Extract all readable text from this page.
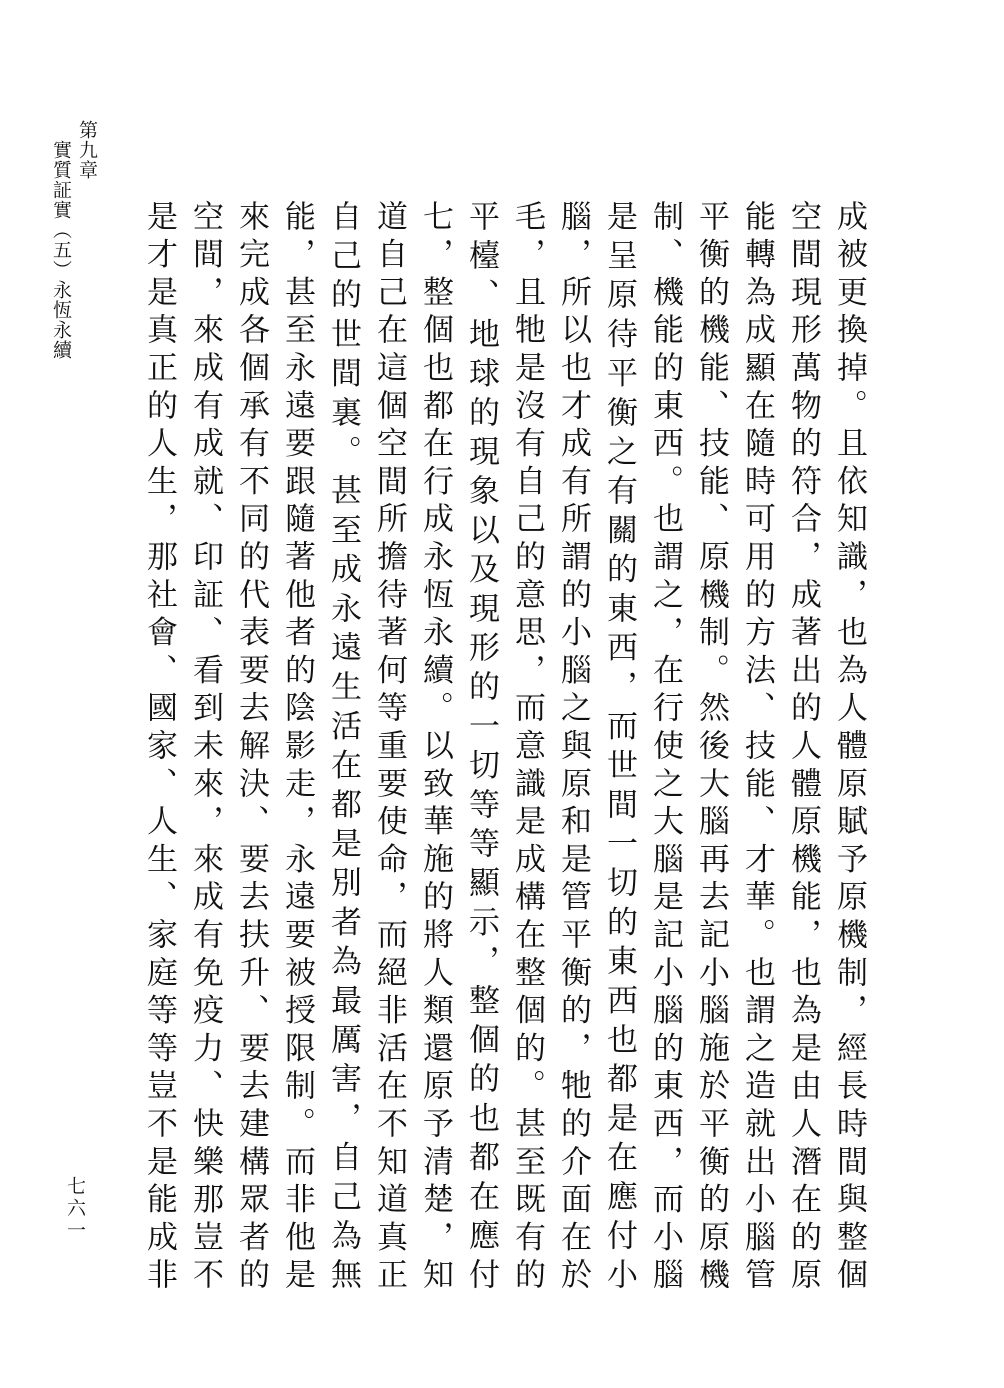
第九章
實質証實（五）永恆永續
七六一

成被更換掉。且依知識，也為人體原賦予原機制，經長時間與整個空間現形萬物的符合，成著出的人體原機能，也為是由人潛在的原能轉為成顯在隨時可用的方法、技能、才華。也謂之造就出小腦管平衡的機能、技能、原機制。然後大腦再去記小腦施於平衡的原機制、機能的東西。也謂之，在行使之大腦是記小腦的東西，而小腦是呈原待平衡之有關的東西，而世間一切的東西也都是在應付小腦，所以也才成有所謂的小腦之與原和是管平衡的，牠的介面在於毛，且牠是沒有自己的意思，而意識是成構在整個的。甚至既有的平檯、地球的現象以及現形的一切等等顯示，整個的也都在應付七，整個也都在行成永恆永續。以致華施的將人類還原予清楚，知道自己在這個空間所擔待著何等重要使命，而絕非活在不知道真正自己的世間裏。甚至成永遠生活在都是別者為最厲害，自己為無能，甚至永遠要跟隨著他者的陰影走，永遠要被授限制。而非他是來完成各個承有不同的代表要去解決、要去扶升、要去建構眾者的空間，來成有成就、印証、看到未來，來成有免疫力、快樂那豈不是才是真正的人生，那社會、國家、人生、家庭等等豈不是能成非
